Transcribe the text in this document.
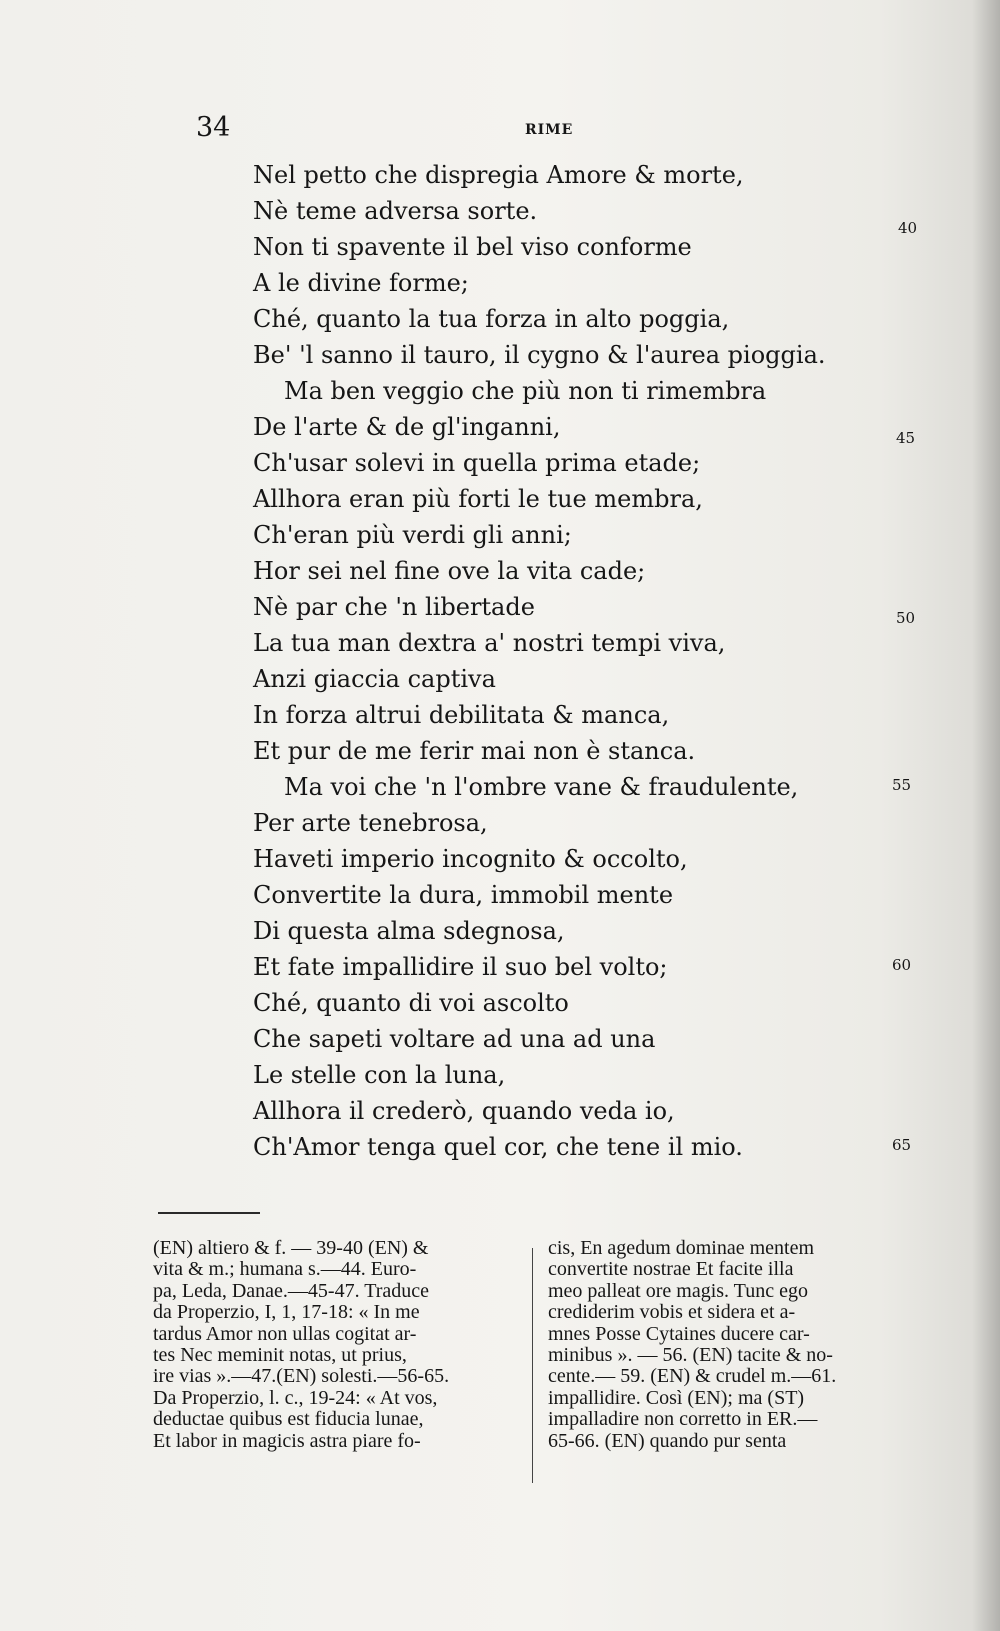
34	RIME
Nel petto che dispregia Amore & morte,
Nè teme adversa sorte.
Non ti spavente il bel viso conforme
A le divine forme;
Ché, quanto la tua forza in alto poggia,
Be' 'l sanno il tauro, il cygno & l'aurea pioggia.
Ma ben veggio che più non ti rimembra
De l'arte & de gl'inganni,
Ch'usar solevi in quella prima etade;
Allhora eran più forti le tue membra,
Ch'eran più verdi gli anni;
Hor sei nel fine ove la vita cade;
Nè par che 'n libertade
La tua man dextra a' nostri tempi viva,
Anzi giaccia captiva
In forza altrui debilitata & manca,
Et pur de me ferir mai non è stanca.
Ma voi che 'n l'ombre vane & fraudulente,
Per arte tenebrosa,
Haveti imperio incognito & occolto,
Convertite la dura, immobil mente
Di questa alma sdegnosa,
Et fate impallidire il suo bel volto;
Ché, quanto di voi ascolto
Che sapeti voltare ad una ad una
Le stelle con la luna,
Allhora il crederò, quando veda io,
Ch'Amor tenga quel cor, che tene il mio.
40
45
50
55
60
65
(EN) altiero & f. — 39-40 (EN) &
vita & m.; humana s.—44. Euro-
pa, Leda, Danae.—45-47. Traduce
da Properzio, I, 1, 17-18: « In me
tardus Amor non ullas cogitat ar-
tes Nec meminit notas, ut prius,
ire vias ».—47.(EN) solesti.—56-65.
Da Properzio, l. c., 19-24: « At vos,
deductae quibus est fiducia lunae,
Et labor in magicis astra piare fo-
cis, En agedum dominae mentem
convertite nostrae Et facite illa
meo palleat ore magis. Tunc ego
crediderim vobis et sidera et a-
mnes Posse Cytaines ducere car-
minibus ». — 56. (EN) tacite & no-
cente.— 59. (EN) & crudel m.—61.
impallidire. Così (EN); ma (ST)
impalladire non corretto in ER.—
65-66. (EN) quando pur senta
